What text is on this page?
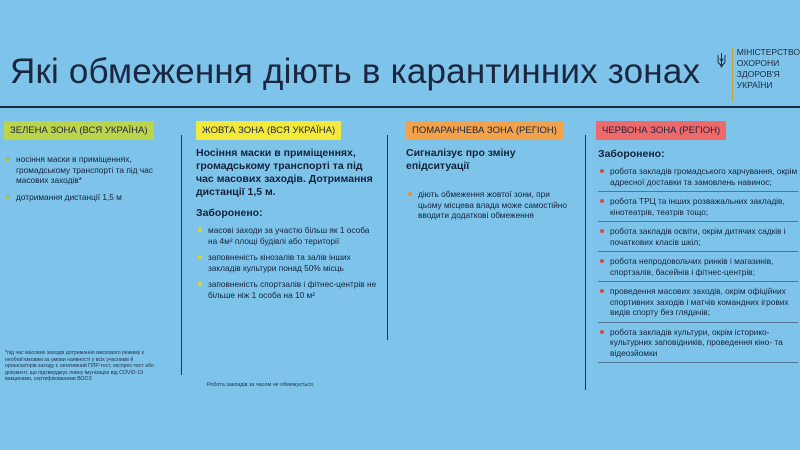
Які обмеження діють в карантинних зонах	МІНІСТЕРСТВО
ОХОРОНИ
ЗДОРОВ'Я
УКРАЇНИ
ЗЕЛЕНА ЗОНА (ВСЯ УКРАЇНА)
носіння маски в приміщеннях, громадському транспорті та під час масових заходів*
дотримання дистанції 1,5 м
*під час масових заходів дотримання маскового режиму є необов'язковим за умови наявності у всіх учасників й організаторів заходу є негативний ПЛР-тест, експрес-тест або документ, що підтверджує повну імунізацію від COVID-19 вакцинами, сертифікованими ВООЗ
ЖОВТА ЗОНА (ВСЯ УКРАЇНА)

Носіння маски в приміщеннях, громадському транспорті та під час масових заходів. Дотримання дистанції 1,5 м.

Заборонено:

масові заходи за участю більш як 1 особа на 4м² площі будівлі або території
заповненість кінозалів та залів інших закладів культури понад 50% місць
заповненість спортзалів і фітнес-центрів не більше ніж 1 особа на 10 м²
Робота закладів за часом не обмежується.
ПОМАРАНЧЕВА ЗОНА (РЕГІОН)

Сигналізує про зміну епідситуації

діють обмеження жовтої зони, при цьому місцева влада може самостійно вводити додаткові обмеження
ЧЕРВОНА ЗОНА (РЕГІОН)

Заборонено:

робота закладів громадського харчування, окрім адресної доставки та замовлень навинос;
робота ТРЦ та інших розважальних закладів, кінотеатрів, театрів тощо;
робота закладів освіти, окрім дитячих садків і початкових класів шкіл;
робота непродовольчих ринків і магазинів, спортзалів, басейнів і фітнес-центрів;
проведення масових заходів, окрім офіційних спортивних заходів і матчів командних ігрових видів спорту без глядачів;
робота закладів культури, окрім історико-культурних заповідників, проведення кіно- та відеозйомки
